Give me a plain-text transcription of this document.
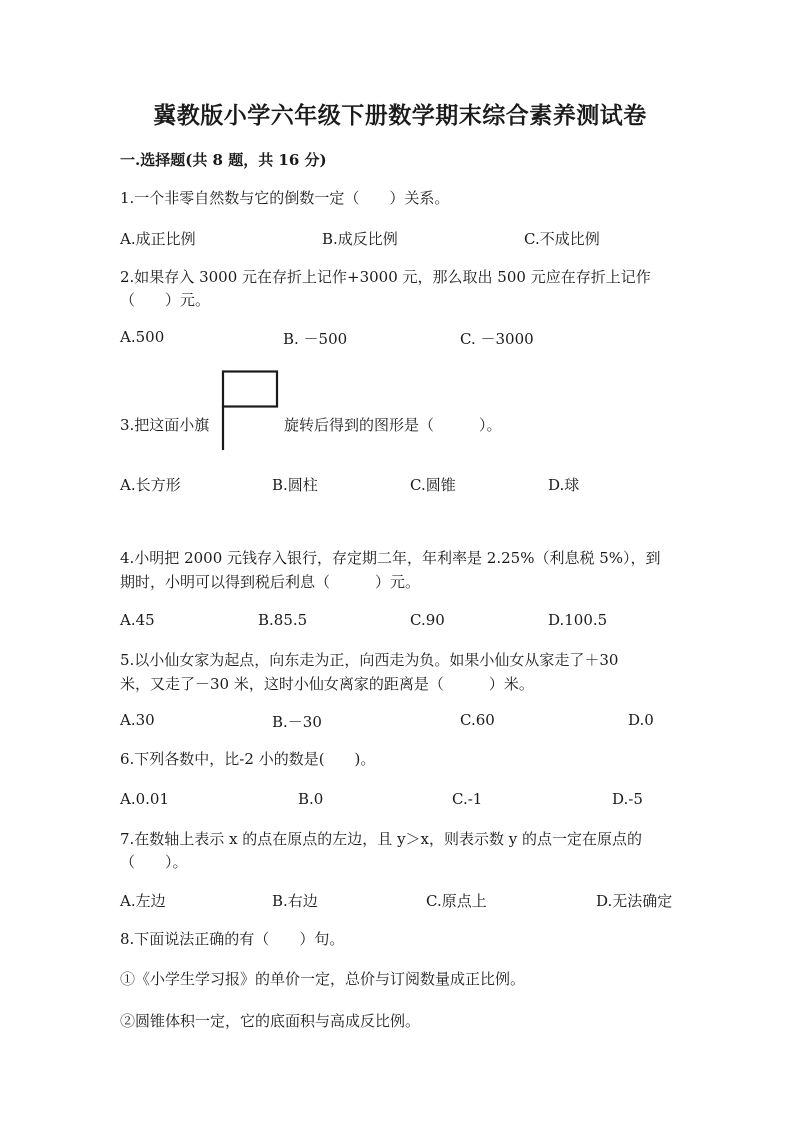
冀教版小学六年级下册数学期末综合素养测试卷
一.选择题(共 8 题，共 16 分)
1.一个非零自然数与它的倒数一定（　　）关系。
A.成正比例	B.成反比例	C.不成比例
2.如果存入 3000 元在存折上记作+3000 元，那么取出 500 元应在存折上记作
（　　）元。
A.500	B. －500	C. －3000
3.把这面小旗	旋转后得到的图形是（　　　）。
A.长方形	B.圆柱	C.圆锥	D.球
4.小明把 2000 元钱存入银行，存定期二年，年利率是 2.25%（利息税 5%），到
期时，小明可以得到税后利息（　　　）元。
A.45	B.85.5	C.90	D.100.5
5.以小仙女家为起点，向东走为正，向西走为负。如果小仙女从家走了＋30
米，又走了－30 米，这时小仙女离家的距离是（　　　）米。
A.30	B.－30	C.60	D.0
6.下列各数中，比-2 小的数是(　　)。
A.0.01	B.0	C.-1	D.-5
7.在数轴上表示 x 的点在原点的左边，且 y＞x，则表示数 y 的点一定在原点的
（　　）。
A.左边	B.右边	C.原点上	D.无法确定
8.下面说法正确的有（　　）句。
①《小学生学习报》的单价一定，总价与订阅数量成正比例。
②圆锥体积一定，它的底面积与高成反比例。
